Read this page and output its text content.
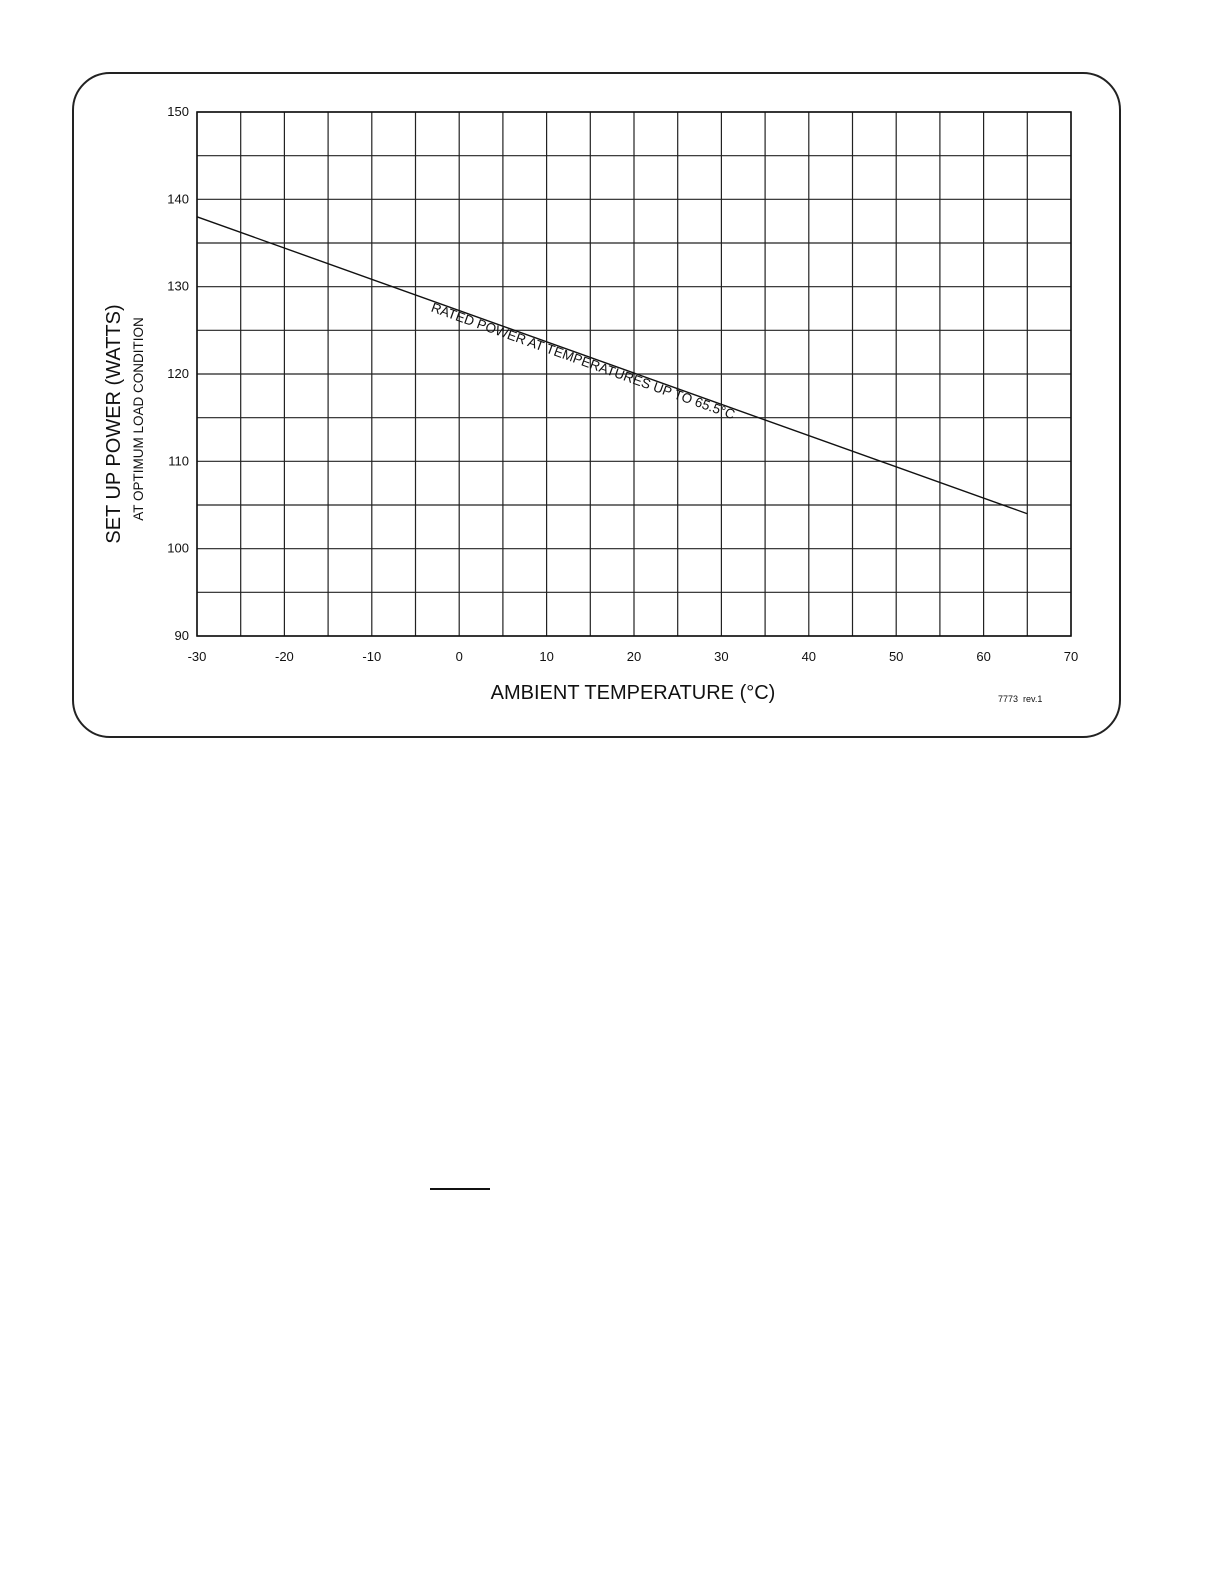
-30	-20	-10	0	10	20	30	40	50	60	70
90
100
110
120
130
140
150
RATED POWER AT TEMPERATURES UP TO 65.5°C
SET UP POWER (WATTS) AT OPTIMUM LOAD CONDITION
AMBIENT TEMPERATURE (°C)	7773  rev.1
